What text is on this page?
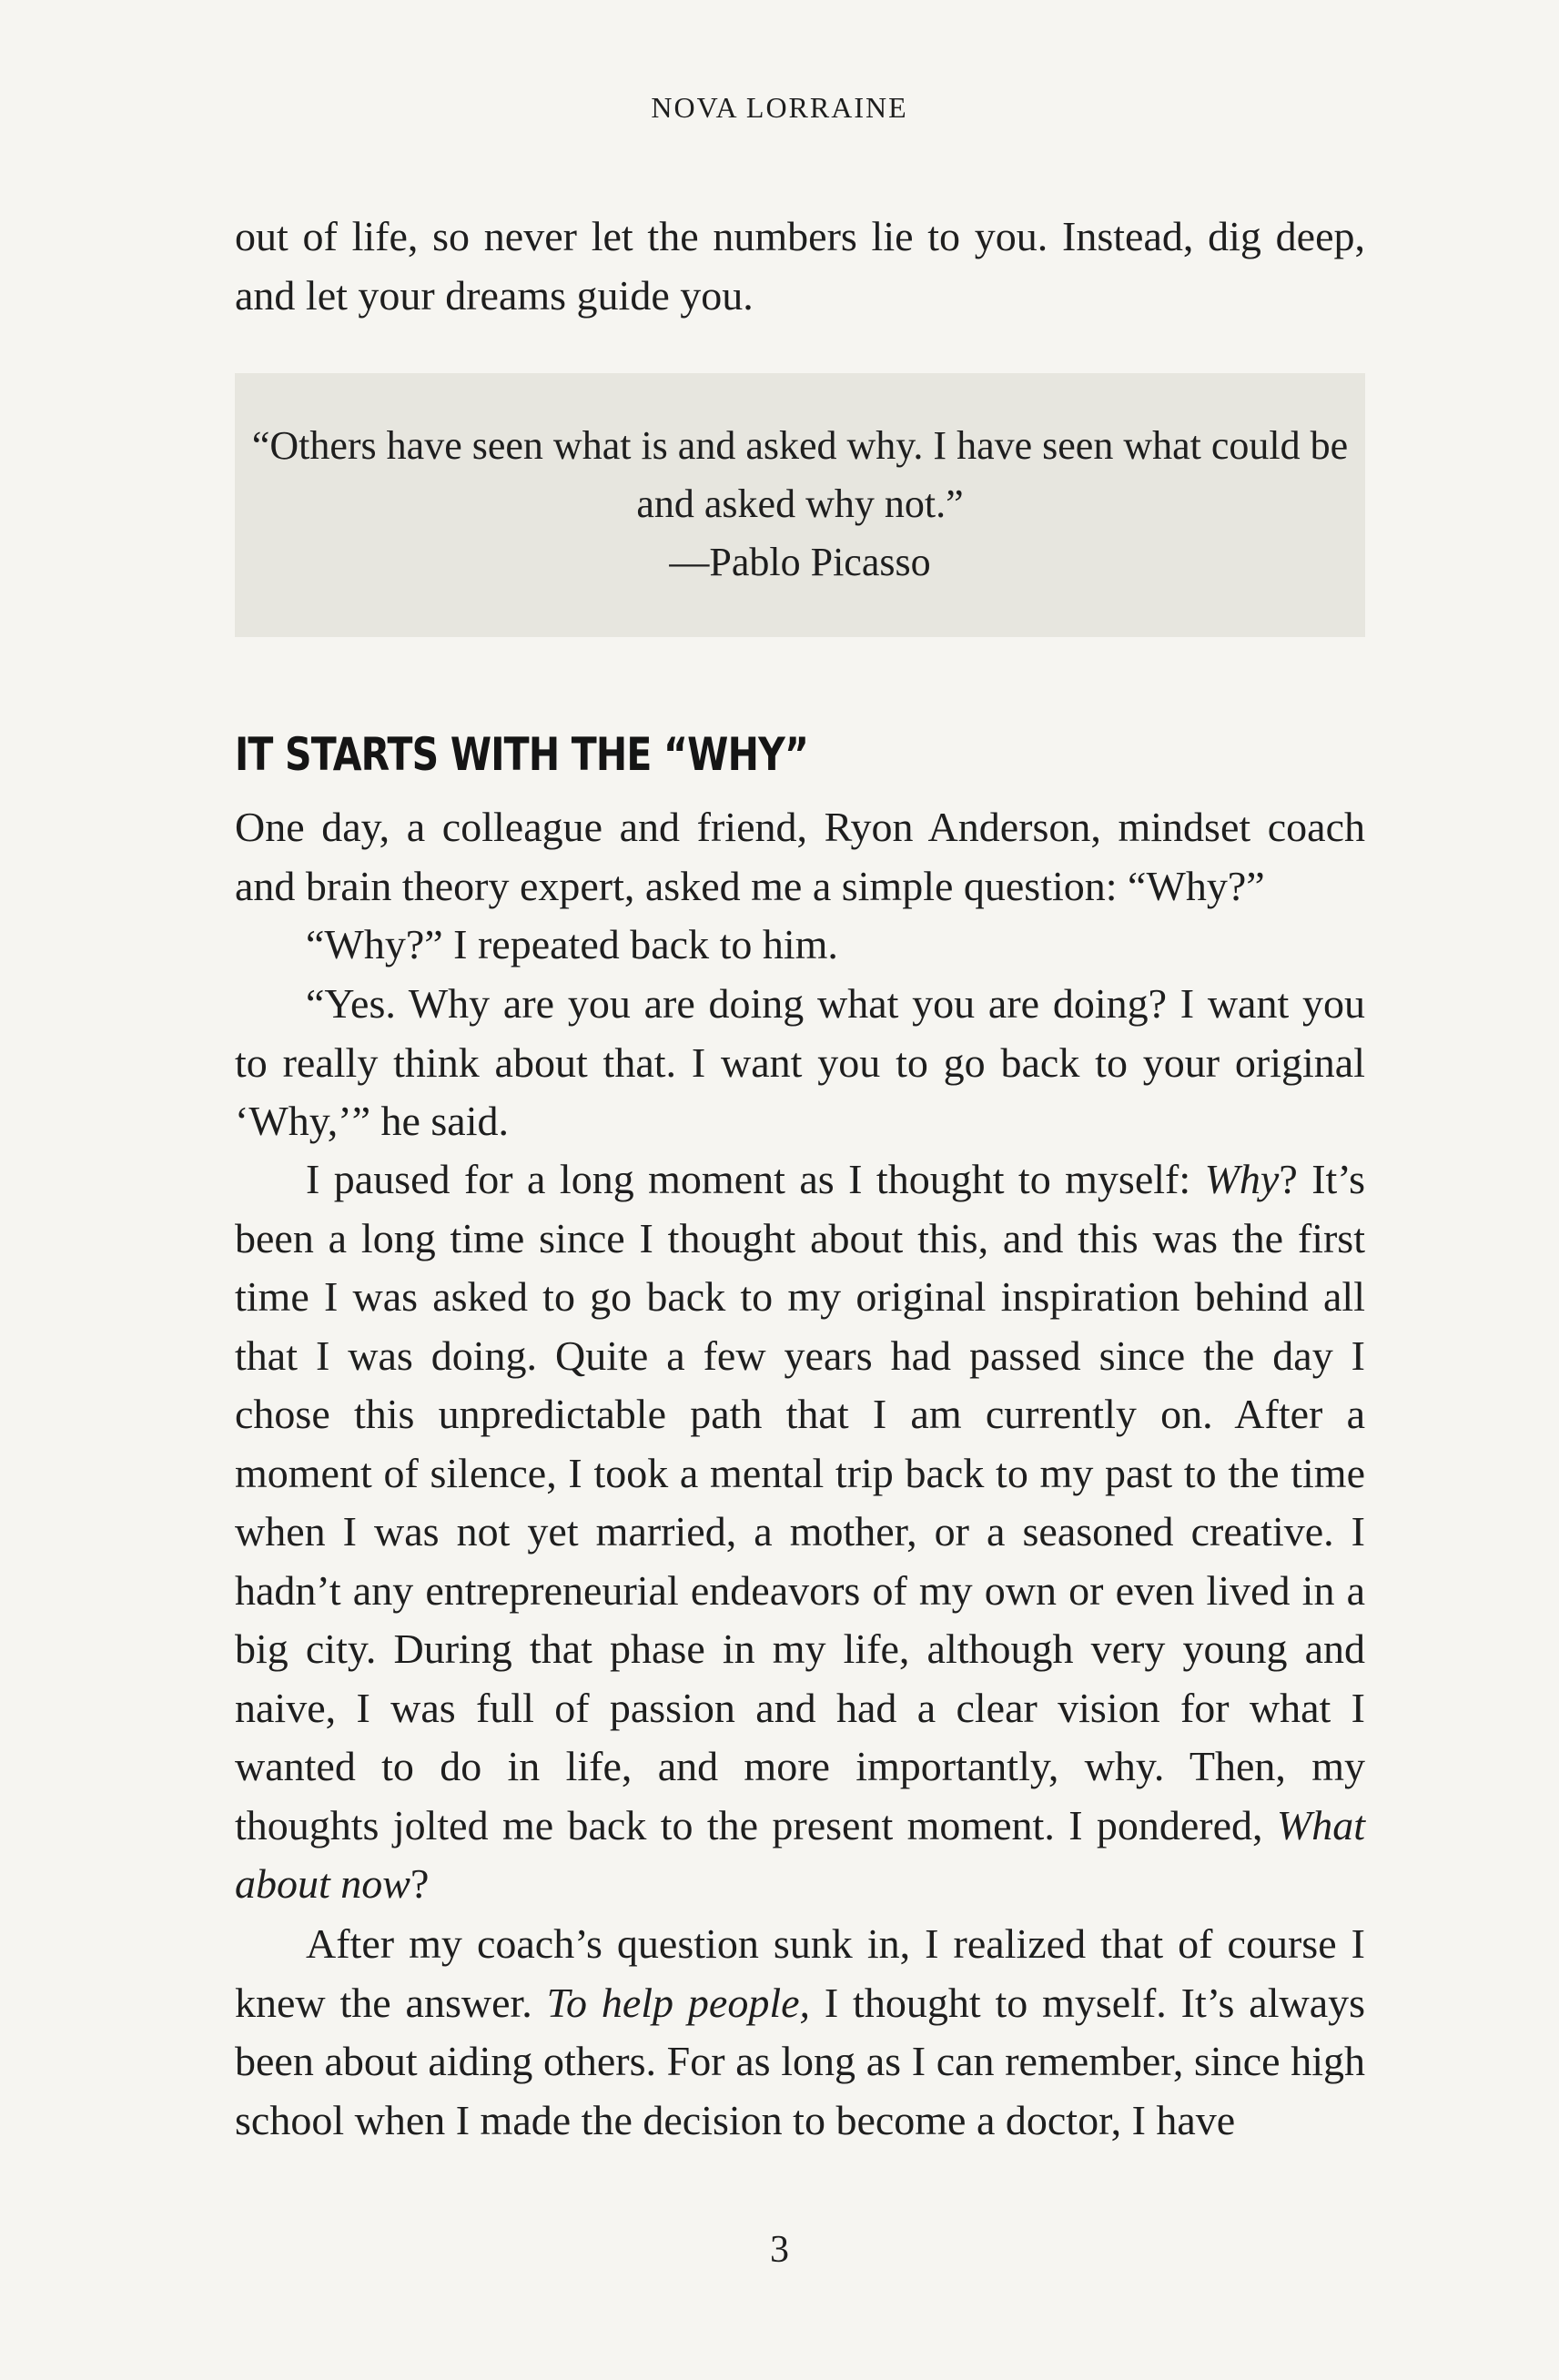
NOVA LORRAINE

out of life, so never let the numbers lie to you. Instead, dig deep, and let your dreams guide you.

“Others have seen what is and asked why. I have seen what could be and asked why not.”

—Pablo Picasso
IT STARTS WITH THE “WHY”

One day, a colleague and friend, Ryon Anderson, mindset coach and brain theory expert, asked me a simple question: “Why?”

“Why?” I repeated back to him.

“Yes. Why are you are doing what you are doing? I want you to really think about that. I want you to go back to your original ‘Why,’” he said.

I paused for a long moment as I thought to myself: Why? It’s been a long time since I thought about this, and this was the first time I was asked to go back to my original inspiration behind all that I was doing. Quite a few years had passed since the day I chose this unpredictable path that I am currently on. After a moment of silence, I took a mental trip back to my past to the time when I was not yet married, a mother, or a seasoned creative. I hadn’t any entrepreneurial endeavors of my own or even lived in a big city. During that phase in my life, although very young and naive, I was full of passion and had a clear vision for what I wanted to do in life, and more importantly, why. Then, my thoughts jolted me back to the present moment. I pondered, What about now?

After my coach’s question sunk in, I realized that of course I knew the answer. To help people, I thought to myself. It’s always been about aiding others. For as long as I can remember, since high school when I made the decision to become a doctor, I have

3
